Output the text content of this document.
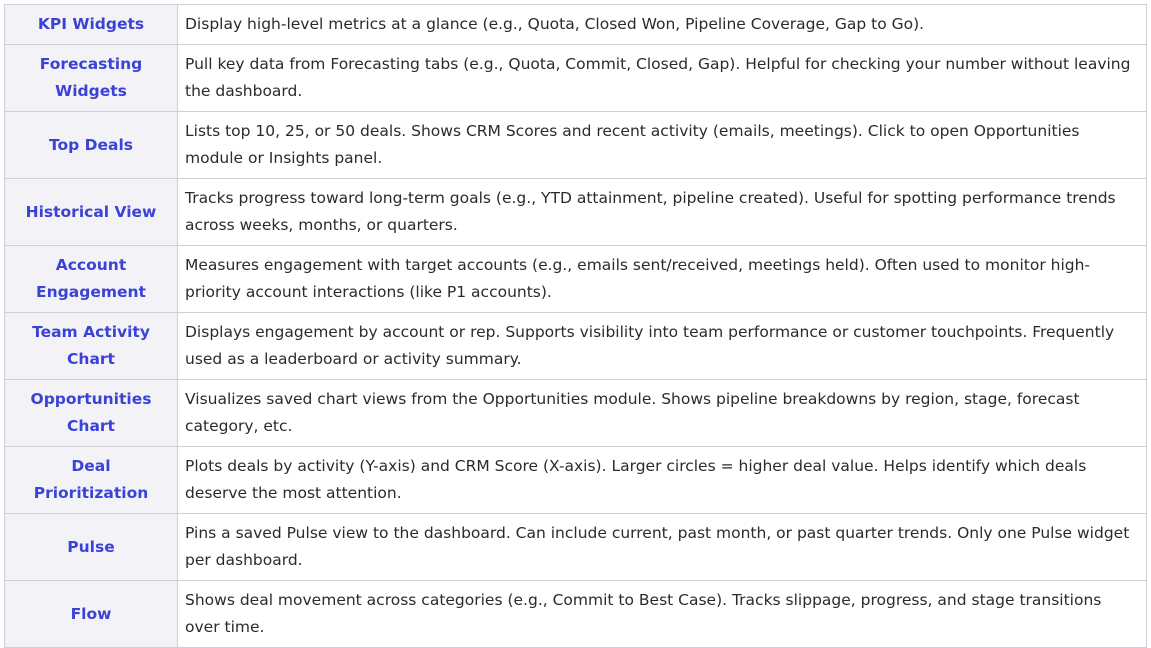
KPI Widgets	Display high-level metrics at a glance (e.g., Quota, Closed Won, Pipeline Coverage, Gap to Go).
Forecasting Widgets	Pull key data from Forecasting tabs (e.g., Quota, Commit, Closed, Gap). Helpful for checking your number without leaving the dashboard.
Top Deals	Lists top 10, 25, or 50 deals. Shows CRM Scores and recent activity (emails, meetings). Click to open Opportunities module or Insights panel.
Historical View	Tracks progress toward long-term goals (e.g., YTD attainment, pipeline created). Useful for spotting performance trends across weeks, months, or quarters.
Account Engagement	Measures engagement with target accounts (e.g., emails sent/received, meetings held). Often used to monitor high-priority account interactions (like P1 accounts).
Team Activity Chart	Displays engagement by account or rep. Supports visibility into team performance or customer touchpoints. Frequently used as a leaderboard or activity summary.
Opportunities Chart	Visualizes saved chart views from the Opportunities module. Shows pipeline breakdowns by region, stage, forecast category, etc.
Deal Prioritization	Plots deals by activity (Y-axis) and CRM Score (X-axis). Larger circles = higher deal value. Helps identify which deals deserve the most attention.
Pulse	Pins a saved Pulse view to the dashboard. Can include current, past month, or past quarter trends. Only one Pulse widget per dashboard.
Flow	Shows deal movement across categories (e.g., Commit to Best Case). Tracks slippage, progress, and stage transitions over time.
